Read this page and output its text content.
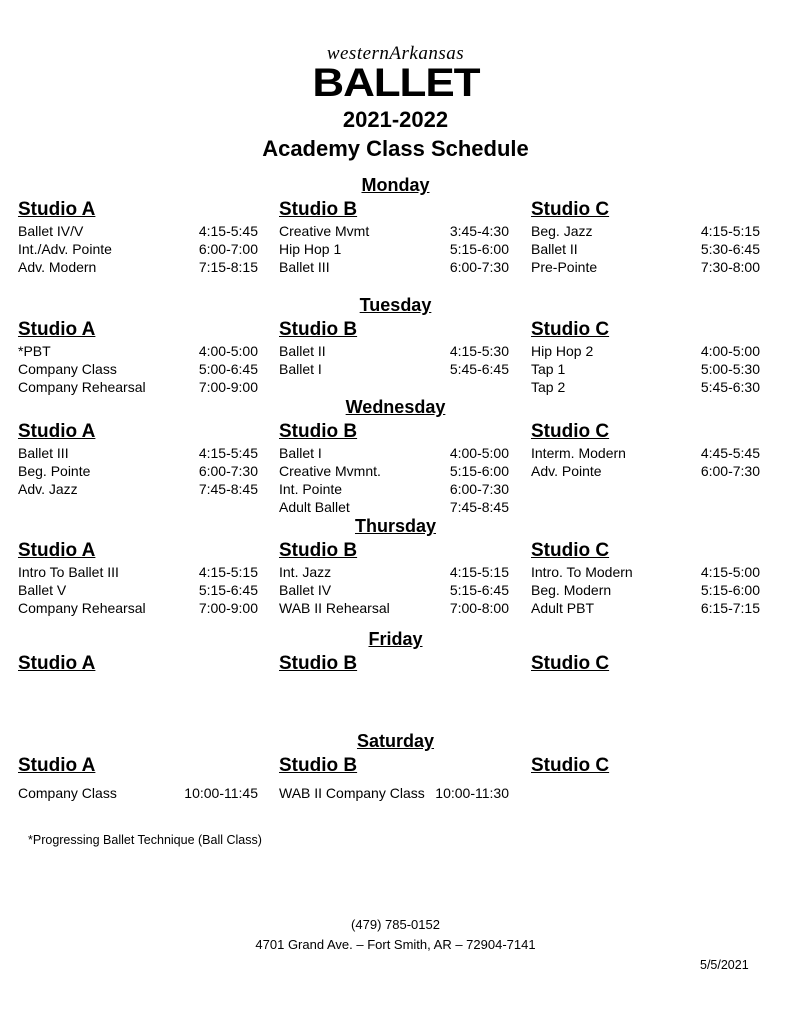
westernArkansas
BALLET
2021-2022
Academy Class Schedule
Monday
Studio A
Ballet IV/V	4:15-5:45
Int./Adv. Pointe	6:00-7:00
Adv. Modern	7:15-8:15
Studio B
Creative Mvmt	3:45-4:30
Hip Hop 1	5:15-6:00
Ballet III	6:00-7:30
Studio C
Beg. Jazz	4:15-5:15
Ballet II	5:30-6:45
Pre-Pointe	7:30-8:00
Tuesday
Studio A
*PBT	4:00-5:00
Company Class	5:00-6:45
Company Rehearsal	7:00-9:00
Studio B
Ballet II	4:15-5:30
Ballet I	5:45-6:45
Studio C
Hip Hop 2	4:00-5:00
Tap 1	5:00-5:30
Tap 2	5:45-6:30
Wednesday
Studio A
Ballet III	4:15-5:45
Beg. Pointe	6:00-7:30
Adv. Jazz	7:45-8:45
Studio B
Ballet I	4:00-5:00
Creative Mvmnt.	5:15-6:00
Int. Pointe	6:00-7:30
Adult Ballet	7:45-8:45
Studio C
Interm. Modern	4:45-5:45
Adv. Pointe	6:00-7:30
Thursday
Studio A
Intro To Ballet III	4:15-5:15
Ballet V	5:15-6:45
Company Rehearsal	7:00-9:00
Studio B
Int. Jazz	4:15-5:15
Ballet IV	5:15-6:45
WAB II Rehearsal	7:00-8:00
Studio C
Intro. To Modern	4:15-5:00
Beg. Modern	5:15-6:00
Adult PBT	6:15-7:15
Friday
Studio A	Studio B	Studio C
Saturday
Studio A
Company Class	10:00-11:45
Studio B
WAB II Company Class 10:00-11:30
Studio C
*Progressing Ballet Technique (Ball Class)
(479) 785-0152
4701 Grand Ave. – Fort Smith, AR – 72904-7141
5/5/2021
